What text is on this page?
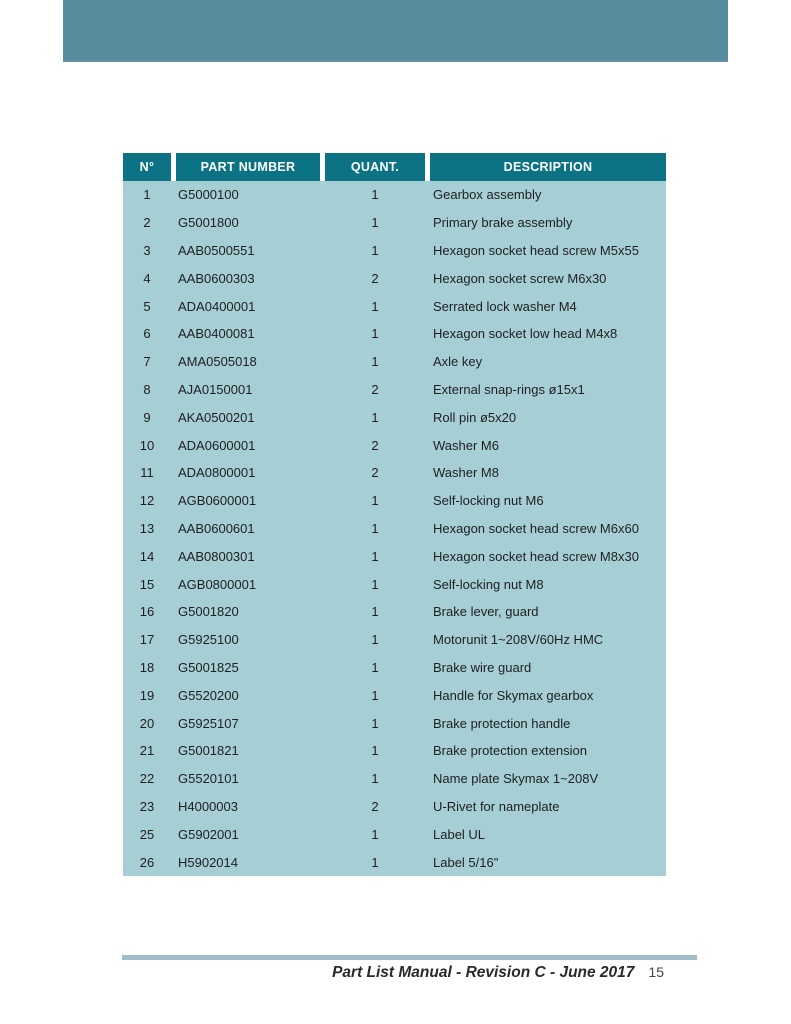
N°	PART NUMBER	QUANT.	DESCRIPTION
1	G5000100	1	Gearbox assembly
2	G5001800	1	Primary brake assembly
3	AAB0500551	1	Hexagon socket head screw M5x55
4	AAB0600303	2	Hexagon socket screw M6x30
5	ADA0400001	1	Serrated lock washer M4
6	AAB0400081	1	Hexagon socket low head M4x8
7	AMA0505018	1	Axle key
8	AJA0150001	2	External snap-rings ø15x1
9	AKA0500201	1	Roll pin ø5x20
10	ADA0600001	2	Washer M6
11	ADA0800001	2	Washer M8
12	AGB0600001	1	Self-locking nut M6
13	AAB0600601	1	Hexagon socket head screw M6x60
14	AAB0800301	1	Hexagon socket head screw M8x30
15	AGB0800001	1	Self-locking nut M8
16	G5001820	1	Brake lever, guard
17	G5925100	1	Motorunit 1~208V/60Hz HMC
18	G5001825	1	Brake wire guard
19	G5520200	1	Handle for Skymax gearbox
20	G5925107	1	Brake protection handle
21	G5001821	1	Brake protection extension
22	G5520101	1	Name plate Skymax 1~208V
23	H4000003	2	U-Rivet for nameplate
25	G5902001	1	Label UL
26	H5902014	1	Label 5/16"
Part List Manual - Revision C - June 2017 15
